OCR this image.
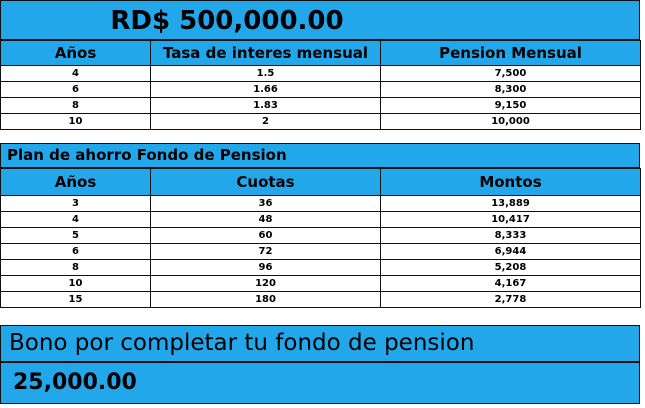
RD$ 500,000.00
Años	Tasa de interes mensual	Pension Mensual
4	1.5	7,500
6	1.66	8,300
8	1.83	9,150
10	2	10,000
Plan de ahorro Fondo de Pension
Años	Cuotas	Montos
3	36	13,889
4	48	10,417
5	60	8,333
6	72	6,944
8	96	5,208
10	120	4,167
15	180	2,778
Bono por completar tu fondo de pension
25,000.00
